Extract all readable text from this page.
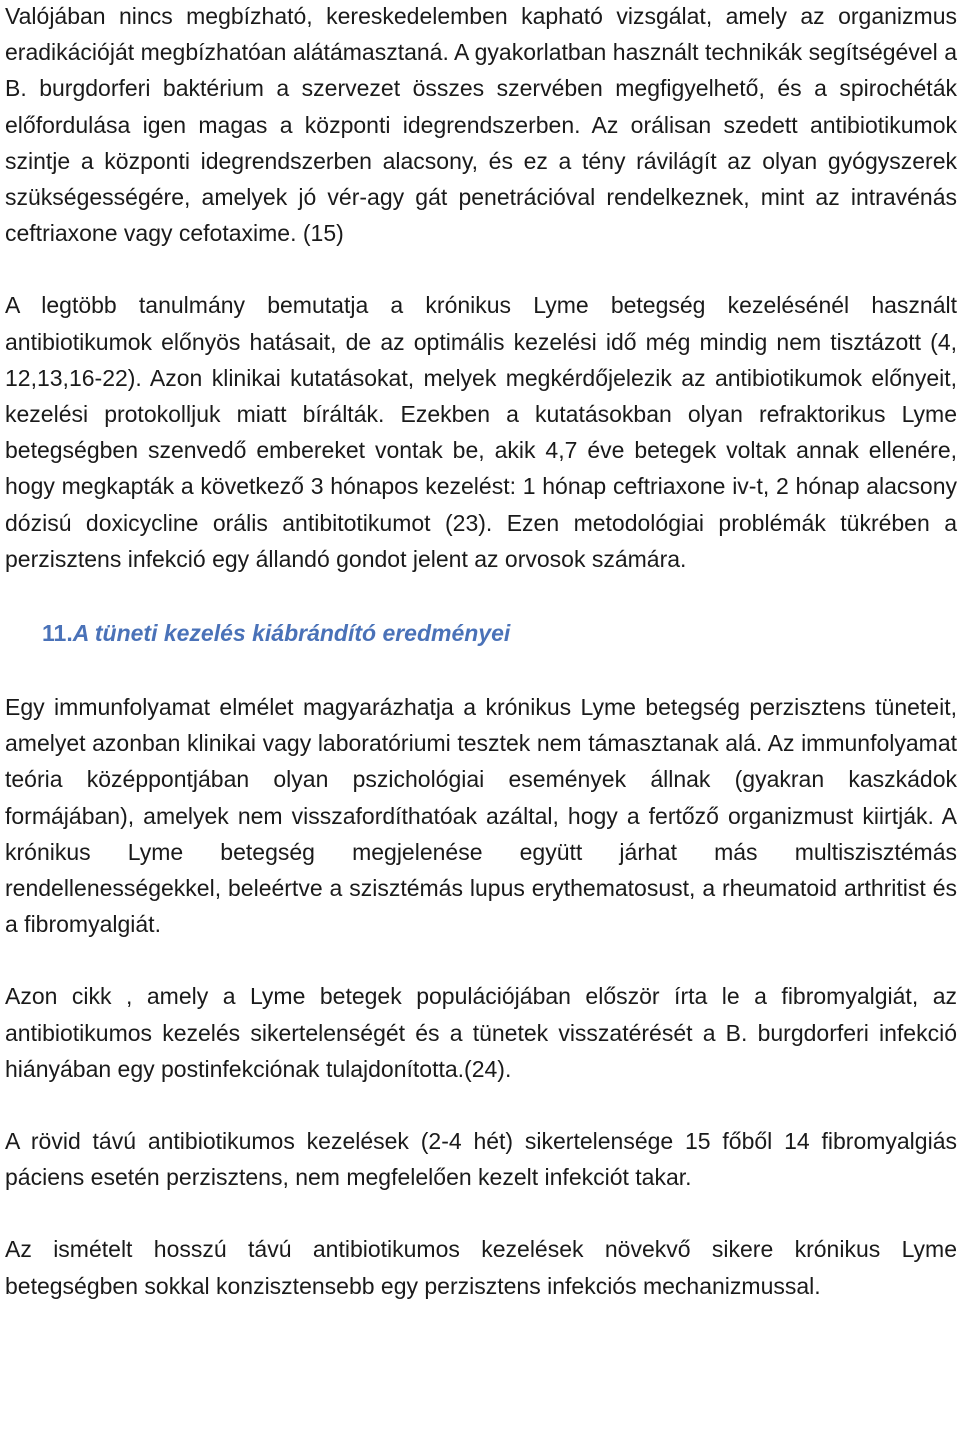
Valójában nincs megbízható, kereskedelemben kapható vizsgálat, amely az organizmus eradikációját megbízhatóan alátámasztaná. A gyakorlatban használt technikák segítségével a B. burgdorferi baktérium a szervezet összes szervében megfigyelhető, és a spirochéták előfordulása igen magas a központi idegrendszerben. Az orálisan szedett antibiotikumok szintje a központi idegrendszerben alacsony, és ez a tény rávilágít az olyan gyógyszerek szükségességére, amelyek jó vér-agy gát penetrációval rendelkeznek, mint az intravénás ceftriaxone vagy cefotaxime. (15)

A legtöbb tanulmány bemutatja a krónikus Lyme betegség kezelésénél használt antibiotikumok előnyös hatásait, de az optimális kezelési idő még mindig nem tisztázott (4, 12,13,16-22). Azon klinikai kutatásokat, melyek megkérdőjelezik az antibiotikumok előnyeit, kezelési protokolljuk miatt bírálták. Ezekben a kutatásokban olyan refraktorikus Lyme betegségben szenvedő embereket vontak be, akik 4,7 éve betegek voltak annak ellenére, hogy megkapták a következő 3 hónapos kezelést: 1 hónap ceftriaxone iv-t, 2 hónap alacsony dózisú doxicycline orális antibitotikumot (23). Ezen metodológiai problémák tükrében a perzisztens infekció egy állandó gondot jelent az orvosok számára.

11.A tüneti kezelés kiábrándító eredményei

Egy immunfolyamat elmélet magyarázhatja a krónikus Lyme betegség perzisztens tüneteit, amelyet azonban klinikai vagy laboratóriumi tesztek nem támasztanak alá. Az immunfolyamat teória középpontjában olyan pszichológiai események állnak (gyakran kaszkádok formájában), amelyek nem visszafordíthatóak azáltal, hogy a fertőző organizmust kiirtják. A krónikus Lyme betegség megjelenése együtt járhat más multiszisztémás rendellenességekkel, beleértve a szisztémás lupus erythematosust, a rheumatoid arthritist és a fibromyalgiát.

Azon cikk , amely a Lyme betegek populációjában először írta le a fibromyalgiát, az antibiotikumos kezelés sikertelenségét és a tünetek visszatérését a B. burgdorferi infekció hiányában egy postinfekciónak tulajdonította.(24).

A rövid távú antibiotikumos kezelések (2-4 hét) sikertelensége 15 főből 14 fibromyalgiás páciens esetén perzisztens, nem megfelelően kezelt infekciót takar.

Az ismételt hosszú távú antibiotikumos kezelések növekvő sikere krónikus Lyme betegségben sokkal konzisztensebb egy perzisztens infekciós mechanizmussal.
